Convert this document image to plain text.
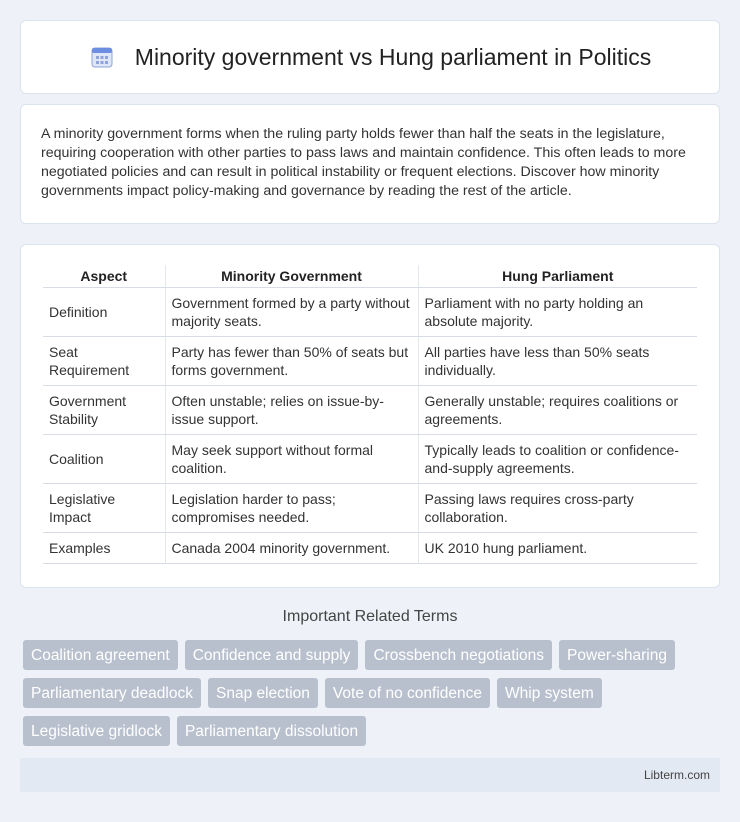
Minority government vs Hung parliament in Politics

A minority government forms when the ruling party holds fewer than half the seats in the legislature, requiring cooperation with other parties to pass laws and maintain confidence. This often leads to more negotiated policies and can result in political instability or frequent elections. Discover how minority governments impact policy-making and governance by reading the rest of the article.

Aspect	Minority Government	Hung Parliament
Definition	Government formed by a party without majority seats.	Parliament with no party holding an absolute majority.
Seat Requirement	Party has fewer than 50% of seats but forms government.	All parties have less than 50% seats individually.
Government Stability	Often unstable; relies on issue-by-issue support.	Generally unstable; requires coalitions or agreements.
Coalition	May seek support without formal coalition.	Typically leads to coalition or confidence-and-supply agreements.
Legislative Impact	Legislation harder to pass; compromises needed.	Passing laws requires cross-party collaboration.
Examples	Canada 2004 minority government.	UK 2010 hung parliament.
Important Related Terms
Coalition agreement	Confidence and supply	Crossbench negotiations	Power-sharing
Parliamentary deadlock	Snap election	Vote of no confidence	Whip system
Legislative gridlock	Parliamentary dissolution
Libterm.com
